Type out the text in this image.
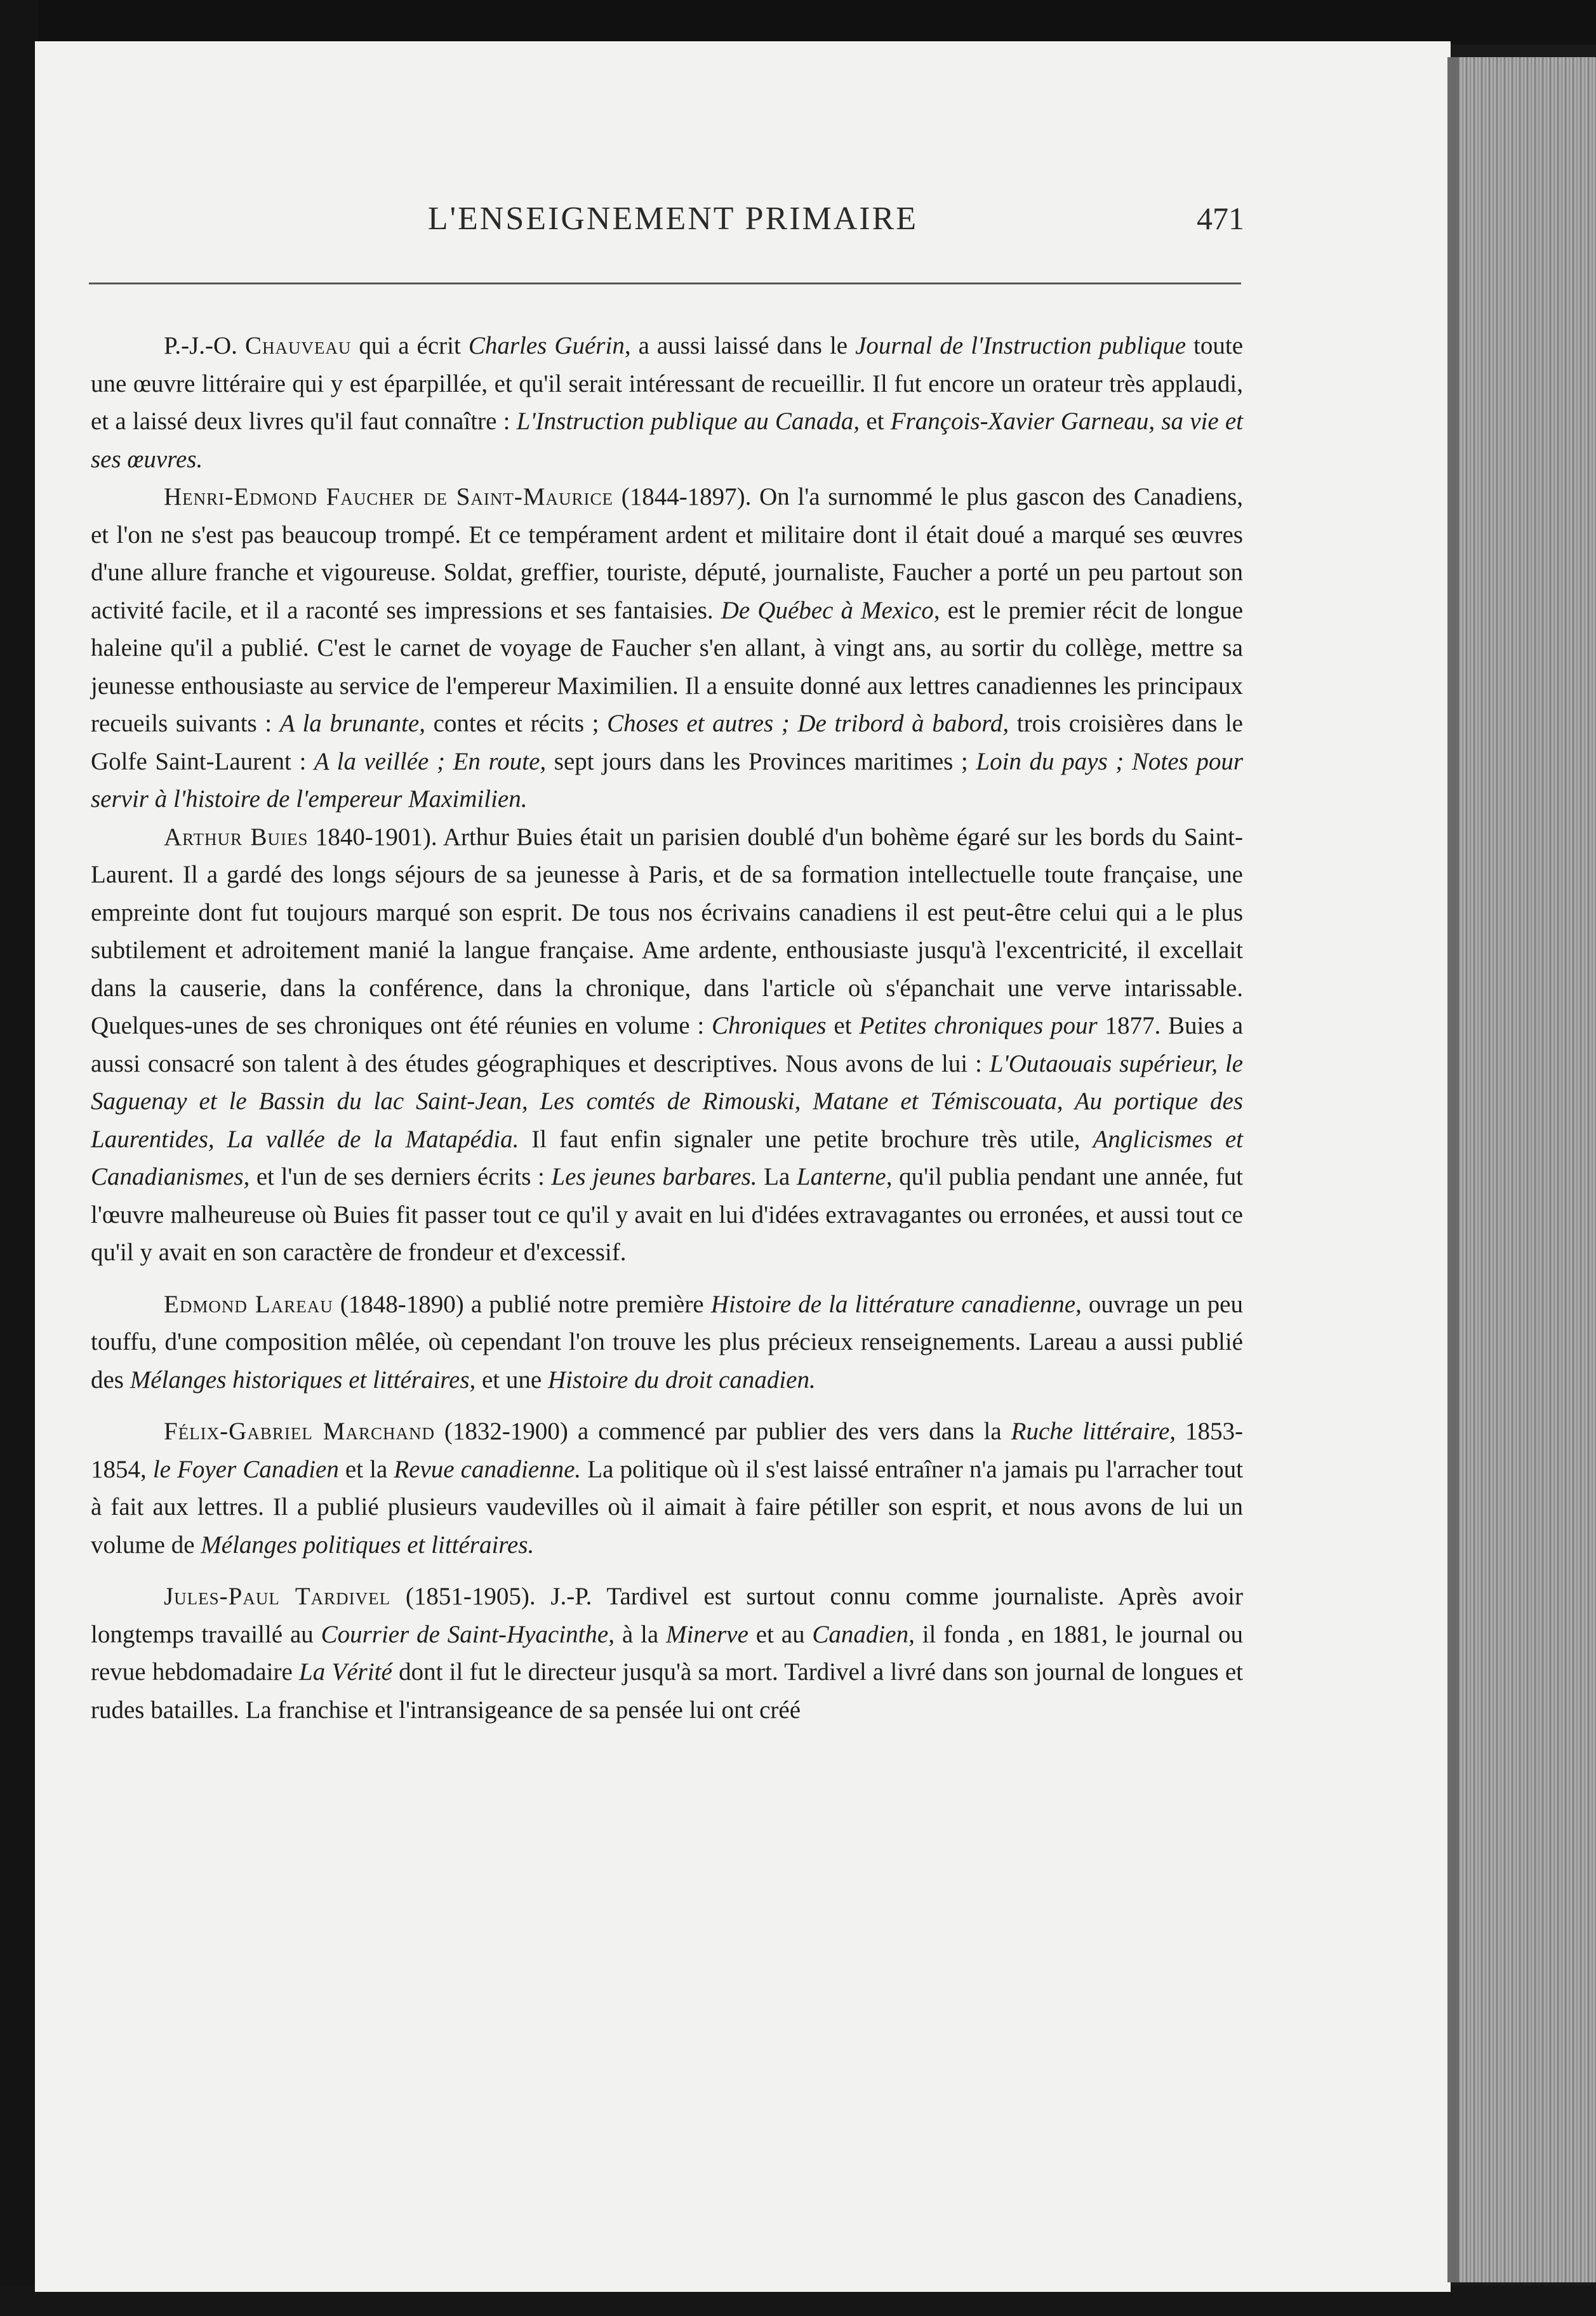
L'ENSEIGNEMENT PRIMAIRE	471

P.-J.-O. Chauveau qui a écrit Charles Guérin, a aussi laissé dans le Journal de l'Instruction publique toute une œuvre littéraire qui y est éparpillée, et qu'il serait intéressant de recueillir. Il fut encore un orateur très applaudi, et a laissé deux livres qu'il faut connaître : L'Instruction publique au Canada, et François-Xavier Garneau, sa vie et ses œuvres.

Henri-Edmond Faucher de Saint-Maurice (1844-1897). On l'a surnommé le plus gascon des Canadiens, et l'on ne s'est pas beaucoup trompé. Et ce tempérament ardent et militaire dont il était doué a marqué ses œuvres d'une allure franche et vigoureuse. Soldat, greffier, touriste, député, journaliste, Faucher a porté un peu partout son activité facile, et il a raconté ses impressions et ses fantaisies. De Québec à Mexico, est le premier récit de longue haleine qu'il a publié. C'est le carnet de voyage de Faucher s'en allant, à vingt ans, au sortir du collège, mettre sa jeunesse enthousiaste au service de l'empereur Maximilien. Il a ensuite donné aux lettres canadiennes les principaux recueils suivants : A la brunante, contes et récits ; Choses et autres ; De tribord à babord, trois croisières dans le Golfe Saint-Laurent : A la veillée ; En route, sept jours dans les Provinces maritimes ; Loin du pays ; Notes pour servir à l'histoire de l'empereur Maximilien.

Arthur Buies 1840-1901). Arthur Buies était un parisien doublé d'un bohème égaré sur les bords du Saint-Laurent. Il a gardé des longs séjours de sa jeunesse à Paris, et de sa formation intellectuelle toute française, une empreinte dont fut toujours marqué son esprit. De tous nos écrivains canadiens il est peut-être celui qui a le plus subtilement et adroitement manié la langue française. Ame ardente, enthousiaste jusqu'à l'excentricité, il excellait dans la causerie, dans la conférence, dans la chronique, dans l'article où s'épanchait une verve intarissable. Quelques-unes de ses chroniques ont été réunies en volume : Chroniques et Petites chroniques pour 1877. Buies a aussi consacré son talent à des études géographiques et descriptives. Nous avons de lui : L'Outaouais supérieur, le Saguenay et le Bassin du lac Saint-Jean, Les comtés de Rimouski, Matane et Témiscouata, Au portique des Laurentides, La vallée de la Matapédia. Il faut enfin signaler une petite brochure très utile, Anglicismes et Canadianismes, et l'un de ses derniers écrits : Les jeunes barbares. La Lanterne, qu'il publia pendant une année, fut l'œuvre malheureuse où Buies fit passer tout ce qu'il y avait en lui d'idées extravagantes ou erronées, et aussi tout ce qu'il y avait en son caractère de frondeur et d'excessif.

Edmond Lareau (1848-1890) a publié notre première Histoire de la littérature canadienne, ouvrage un peu touffu, d'une composition mêlée, où cependant l'on trouve les plus précieux renseignements. Lareau a aussi publié des Mélanges historiques et littéraires, et une Histoire du droit canadien.

Félix-Gabriel Marchand (1832-1900) a commencé par publier des vers dans la Ruche littéraire, 1853-1854, le Foyer Canadien et la Revue canadienne. La politique où il s'est laissé entraîner n'a jamais pu l'arracher tout à fait aux lettres. Il a publié plusieurs vaudevilles où il aimait à faire pétiller son esprit, et nous avons de lui un volume de Mélanges politiques et littéraires.

Jules-Paul Tardivel (1851-1905). J.-P. Tardivel est surtout connu comme journaliste. Après avoir longtemps travaillé au Courrier de Saint-Hyacinthe, à la Minerve et au Canadien, il fonda , en 1881, le journal ou revue hebdomadaire La Vérité dont il fut le directeur jusqu'à sa mort. Tardivel a livré dans son journal de longues et rudes batailles. La franchise et l'intransigeance de sa pensée lui ont créé
